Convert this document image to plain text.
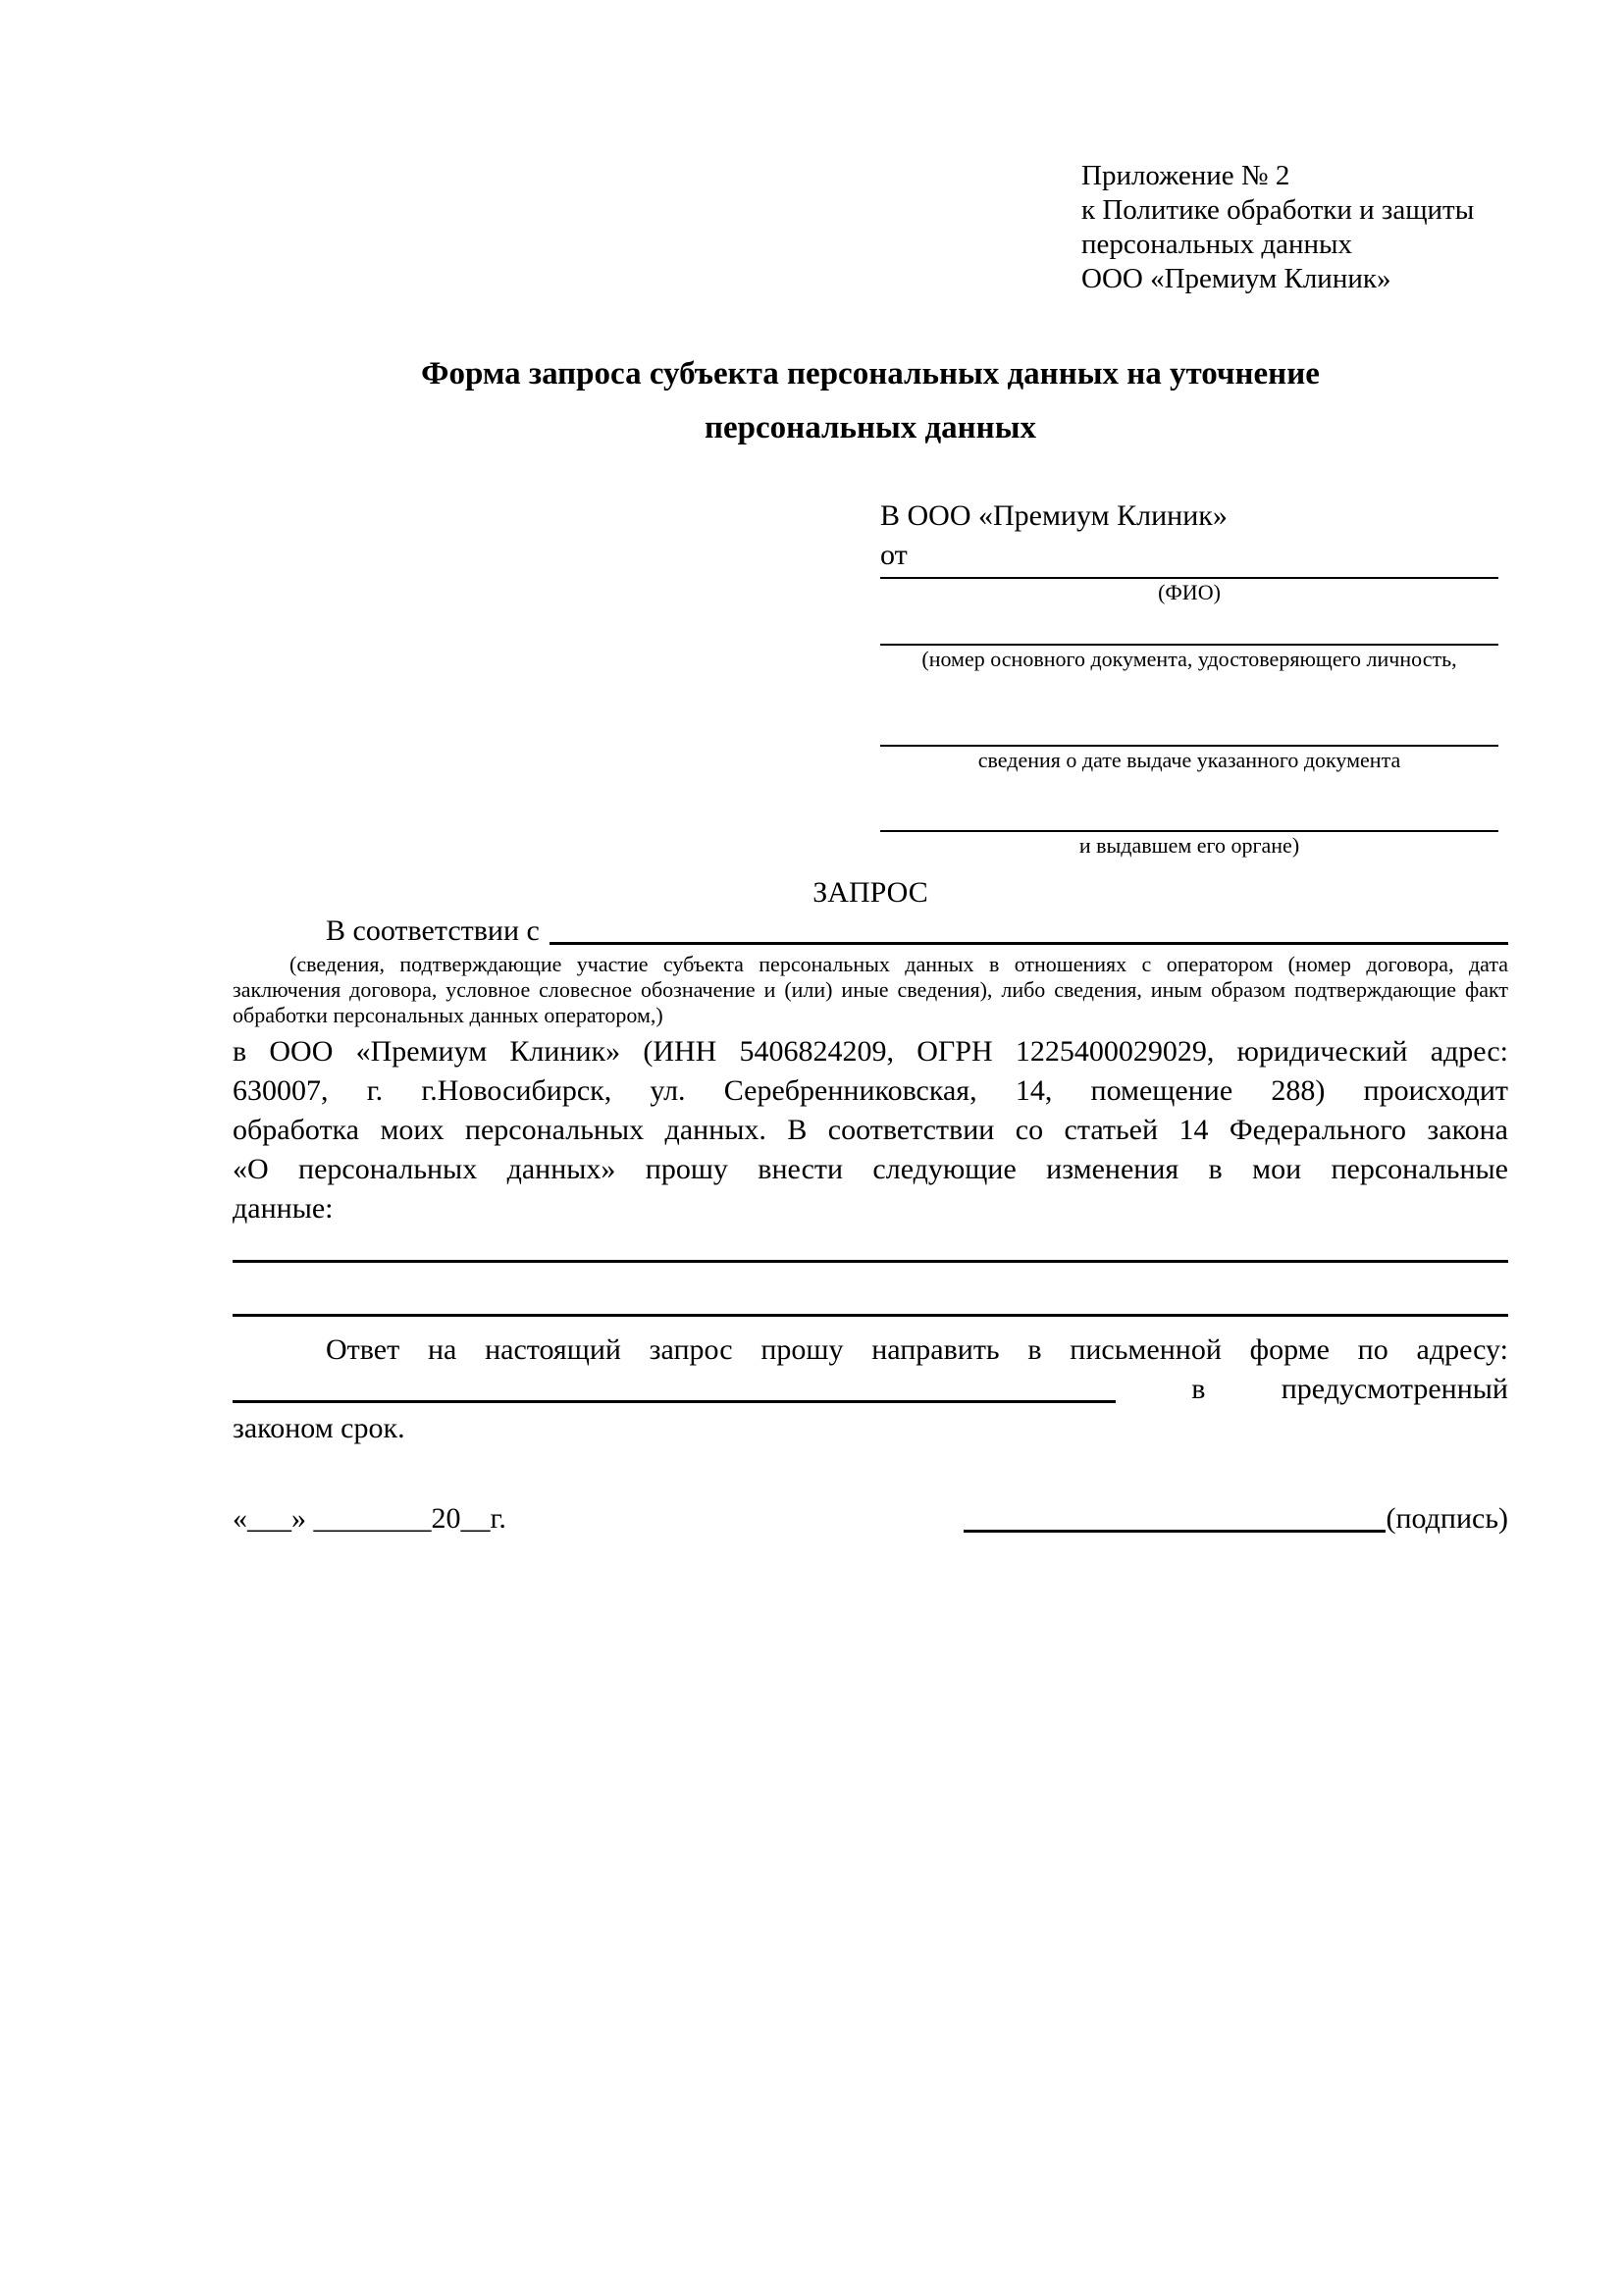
Приложение № 2
к Политике обработки и защиты
персональных данных
ООО «Премиум Клиник»
Форма запроса субъекта персональных данных на уточнение
персональных данных
В ООО «Премиум Клиник»
от
(ФИО)
(номер основного документа, удостоверяющего личность,
сведения о дате выдаче указанного документа
и выдавшем его органе)
ЗАПРОС
В соответствии с
(сведения, подтверждающие участие субъекта персональных данных в отношениях с оператором (номер договора, дата
заключения договора, условное словесное обозначение и (или) иные сведения), либо сведения, иным образом подтверждающие факт
обработки персональных данных оператором,)
в ООО «Премиум Клиник» (ИНН 5406824209, ОГРН 1225400029029, юридический адрес:
630007, г. г.Новосибирск, ул. Серебренниковская, 14, помещение 288) происходит
обработка моих персональных данных. В соответствии со статьей 14 Федерального закона
«О персональных данных» прошу внести следующие изменения в мои персональные
данные:
Ответ на настоящий запрос прошу направить в письменной форме по адресу:
в	предусмотренный
законом срок.
«___» ________20__г.	(подпись)
